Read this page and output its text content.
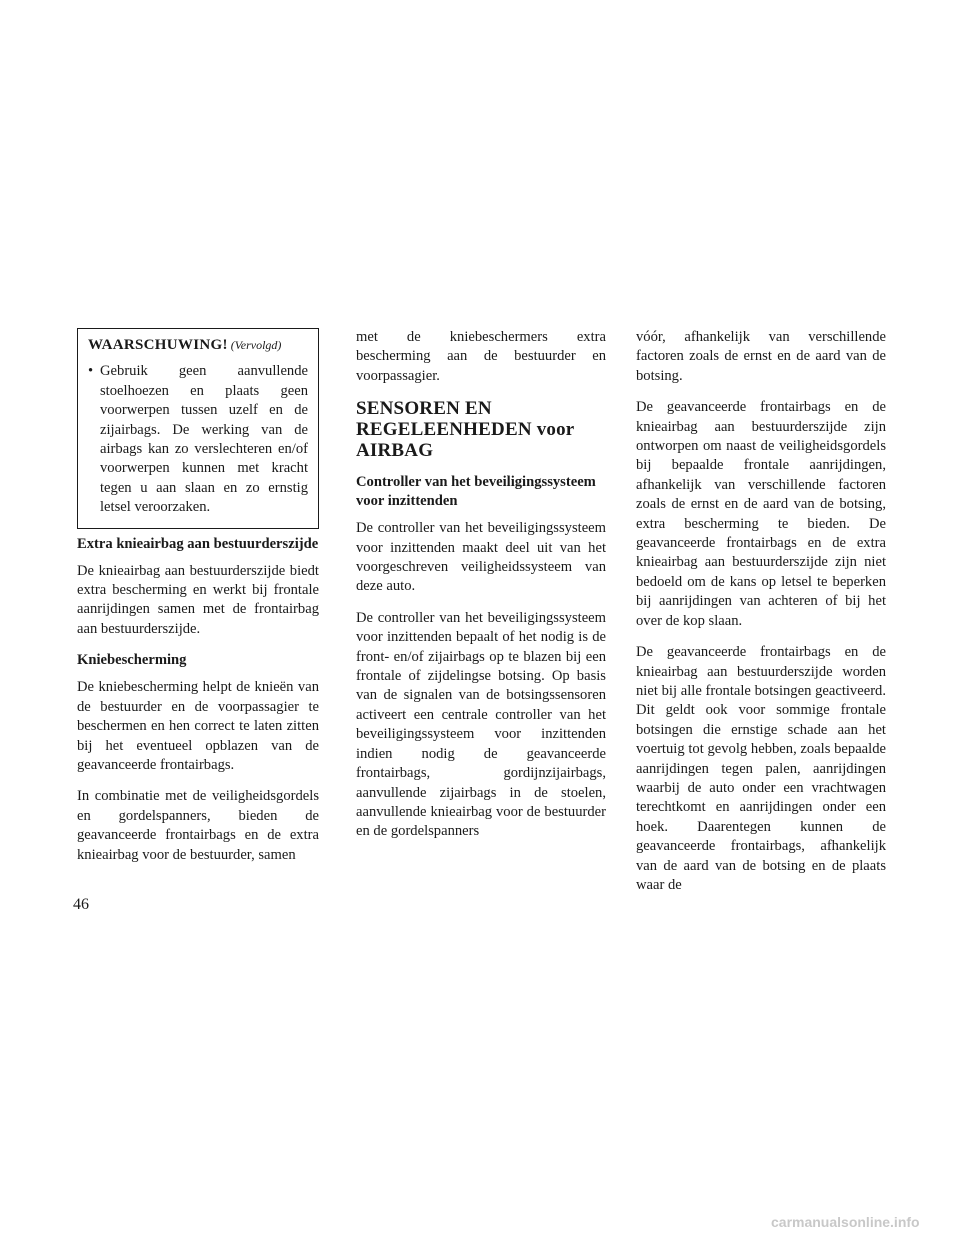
WAARSCHUWING! (Vervolgd)
• Gebruik geen aanvullende stoelhoezen en plaats geen voorwerpen tussen uzelf en de zijairbags. De werking van de airbags kan zo verslechteren en/of voorwerpen kunnen met kracht tegen u aan slaan en zo ernstig letsel veroorzaken.
Extra knieairbag aan bestuurderszijde

De knieairbag aan bestuurderszijde biedt extra bescherming en werkt bij frontale aanrijdingen samen met de frontairbag aan bestuurderszijde.

Kniebescherming

De kniebescherming helpt de knieën van de bestuurder en de voorpassagier te beschermen en hen correct te laten zitten bij het eventueel opblazen van de geavanceerde frontairbags.

In combinatie met de veiligheidsgordels en gordelspanners, bieden de geavanceerde frontairbags en de extra knieairbag voor de bestuurder, samen

met de kniebeschermers extra bescherming aan de bestuurder en voorpassagier.

SENSOREN EN REGELEENHEDEN voor AIRBAG
Controller van het beveiligingssysteem voor inzittenden

De controller van het beveiligingssysteem voor inzittenden maakt deel uit van het voorgeschreven veiligheidssysteem van deze auto.

De controller van het beveiligingssysteem voor inzittenden bepaalt of het nodig is de front- en/of zijairbags op te blazen bij een frontale of zijdelingse botsing. Op basis van de signalen van de botsingssensoren activeert een centrale controller van het beveiligingssysteem voor inzittenden indien nodig de geavanceerde frontairbags, gordijnzijairbags, aanvullende zijairbags in de stoelen, aanvullende knieairbag voor de bestuurder en de gordelspanners

vóór, afhankelijk van verschillende factoren zoals de ernst en de aard van de botsing.

De geavanceerde frontairbags en de knieairbag aan bestuurderszijde zijn ontworpen om naast de veiligheidsgordels bij bepaalde frontale aanrijdingen, afhankelijk van verschillende factoren zoals de ernst en de aard van de botsing, extra bescherming te bieden. De geavanceerde frontairbags en de extra knieairbag aan bestuurderszijde zijn niet bedoeld om de kans op letsel te beperken bij aanrijdingen van achteren of bij het over de kop slaan.

De geavanceerde frontairbags en de knieairbag aan bestuurderszijde worden niet bij alle frontale botsingen geactiveerd. Dit geldt ook voor sommige frontale botsingen die ernstige schade aan het voertuig tot gevolg hebben, zoals bepaalde aanrijdingen tegen palen, aanrijdingen waarbij de auto onder een vrachtwagen terechtkomt en aanrijdingen onder een hoek. Daarentegen kunnen de geavanceerde frontairbags, afhankelijk van de aard van de botsing en de plaats waar de

46
carmanualsonline.info
